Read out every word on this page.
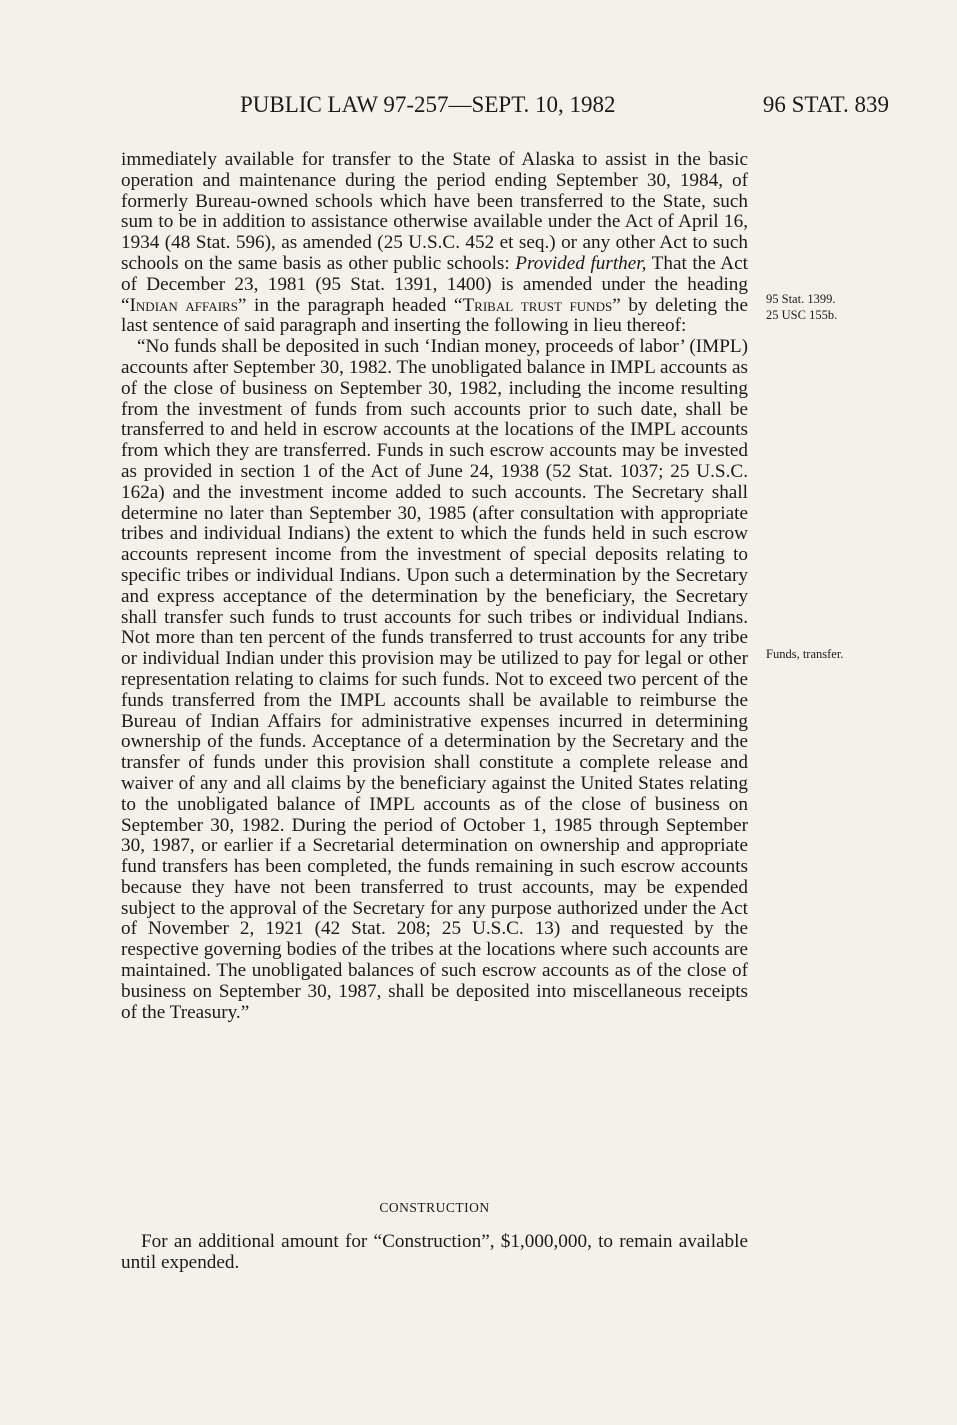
PUBLIC LAW 97-257—SEPT. 10, 1982	96 STAT. 839

immediately available for transfer to the State of Alaska to assist in the basic operation and maintenance during the period ending September 30, 1984, of formerly Bureau-owned schools which have been transferred to the State, such sum to be in addition to assistance otherwise available under the Act of April 16, 1934 (48 Stat. 596), as amended (25 U.S.C. 452 et seq.) or any other Act to such schools on the same basis as other public schools: Provided further, That the Act of December 23, 1981 (95 Stat. 1391, 1400) is amended under the heading “Indian affairs” in the paragraph headed “Tribal trust funds” by deleting the last sentence of said paragraph and inserting the following in lieu thereof:

“No funds shall be deposited in such ‘Indian money, proceeds of labor’ (IMPL) accounts after September 30, 1982. The unobligated balance in IMPL accounts as of the close of business on September 30, 1982, including the income resulting from the investment of funds from such accounts prior to such date, shall be transferred to and held in escrow accounts at the locations of the IMPL accounts from which they are transferred. Funds in such escrow accounts may be invested as provided in section 1 of the Act of June 24, 1938 (52 Stat. 1037; 25 U.S.C. 162a) and the investment income added to such accounts. The Secretary shall determine no later than September 30, 1985 (after consultation with appropriate tribes and individual Indians) the extent to which the funds held in such escrow accounts represent income from the investment of special deposits relating to specific tribes or individual Indians. Upon such a determination by the Secretary and express acceptance of the determination by the beneficiary, the Secretary shall transfer such funds to trust accounts for such tribes or individual Indians. Not more than ten percent of the funds transferred to trust accounts for any tribe or individual Indian under this provision may be utilized to pay for legal or other representation relating to claims for such funds. Not to exceed two percent of the funds transferred from the IMPL accounts shall be available to reimburse the Bureau of Indian Affairs for administrative expenses incurred in determining ownership of the funds. Acceptance of a determination by the Secretary and the transfer of funds under this provision shall constitute a complete release and waiver of any and all claims by the beneficiary against the United States relating to the unobligated balance of IMPL accounts as of the close of business on September 30, 1982. During the period of October 1, 1985 through September 30, 1987, or earlier if a Secretarial determination on ownership and appropriate fund transfers has been completed, the funds remaining in such escrow accounts because they have not been transferred to trust accounts, may be expended subject to the approval of the Secretary for any purpose authorized under the Act of November 2, 1921 (42 Stat. 208; 25 U.S.C. 13) and requested by the respective governing bodies of the tribes at the locations where such accounts are maintained. The unobligated balances of such escrow accounts as of the close of business on September 30, 1987, shall be deposited into miscellaneous receipts of the Treasury.”

95 Stat. 1399.
25 USC 155b.
Funds, transfer.
CONSTRUCTION

For an additional amount for “Construction”, $1,000,000, to remain available until expended.
